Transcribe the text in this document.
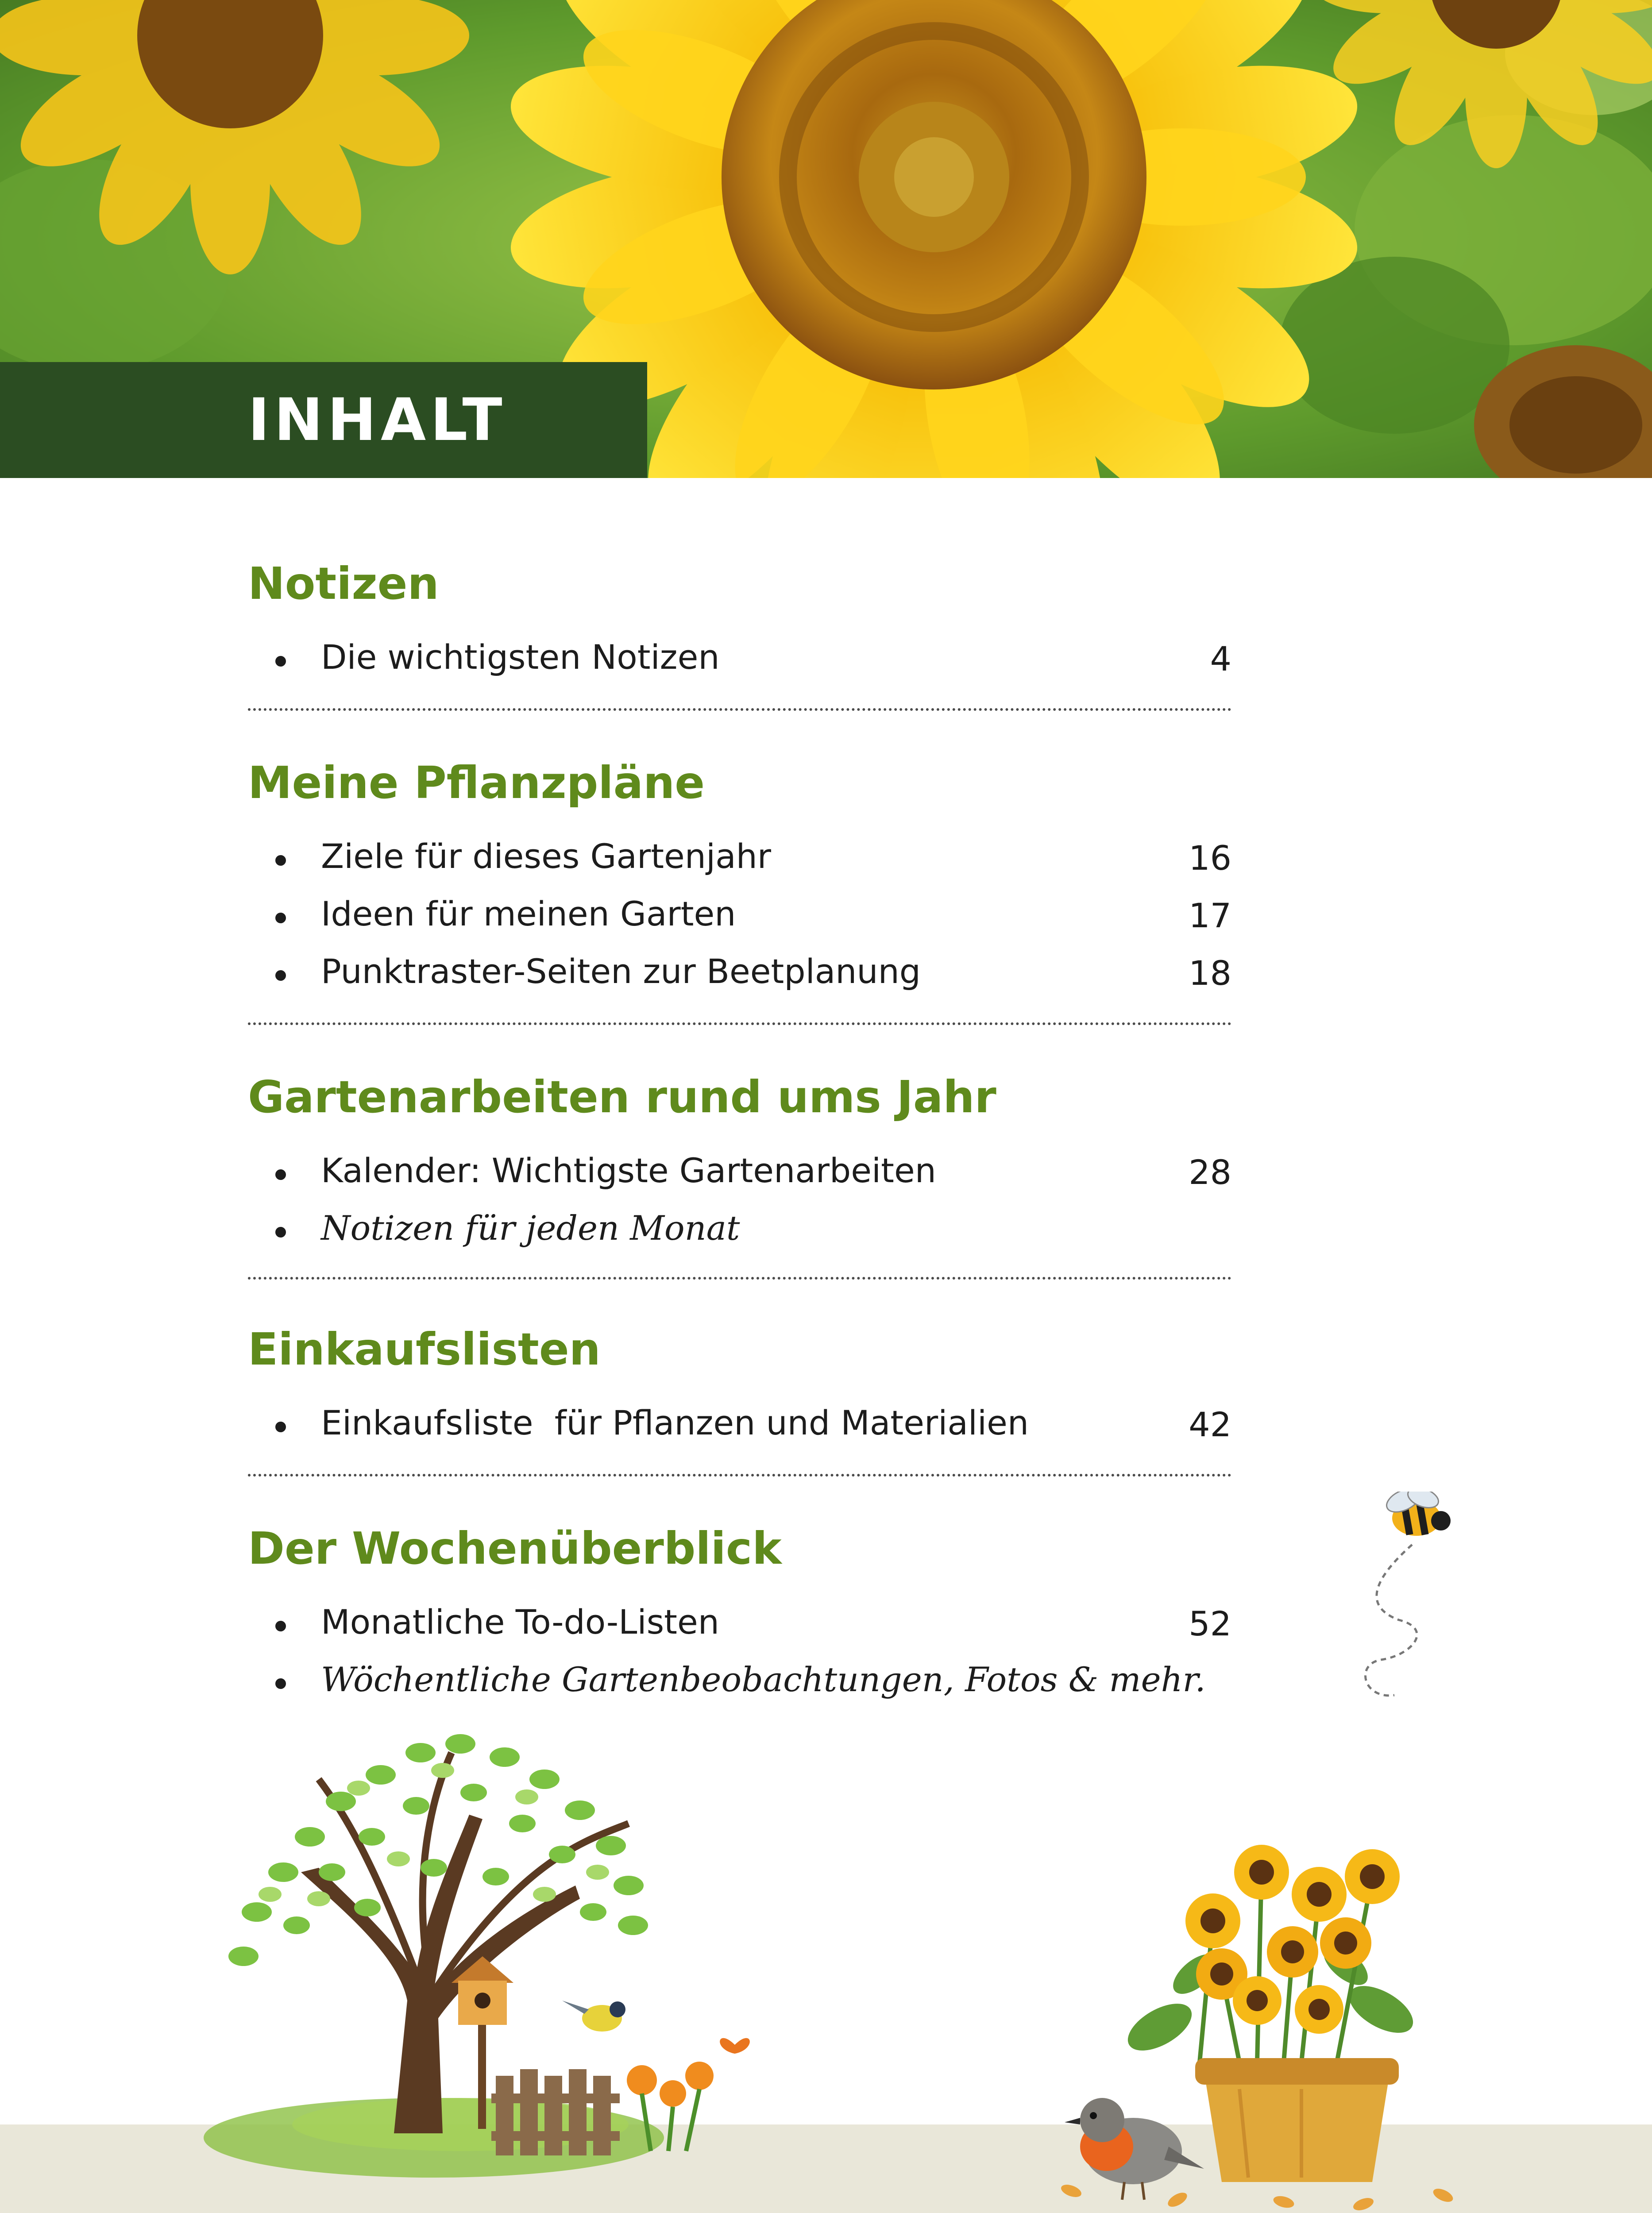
INHALT
Notizen
Die wichtigsten Notizen	4
Meine Pflanzpläne
Ziele für dieses Gartenjahr	16
Ideen für meinen Garten	17
Punktraster-Seiten zur Beetplanung	18
Gartenarbeiten rund ums Jahr
Kalender: Wichtigste Gartenarbeiten	28
Notizen für jeden Monat
Einkaufslisten
Einkaufsliste  für Pflanzen und Materialien	42
Der Wochenüberblick
Monatliche To-do-Listen	52
Wöchentliche Gartenbeobachtungen, Fotos & mehr.
